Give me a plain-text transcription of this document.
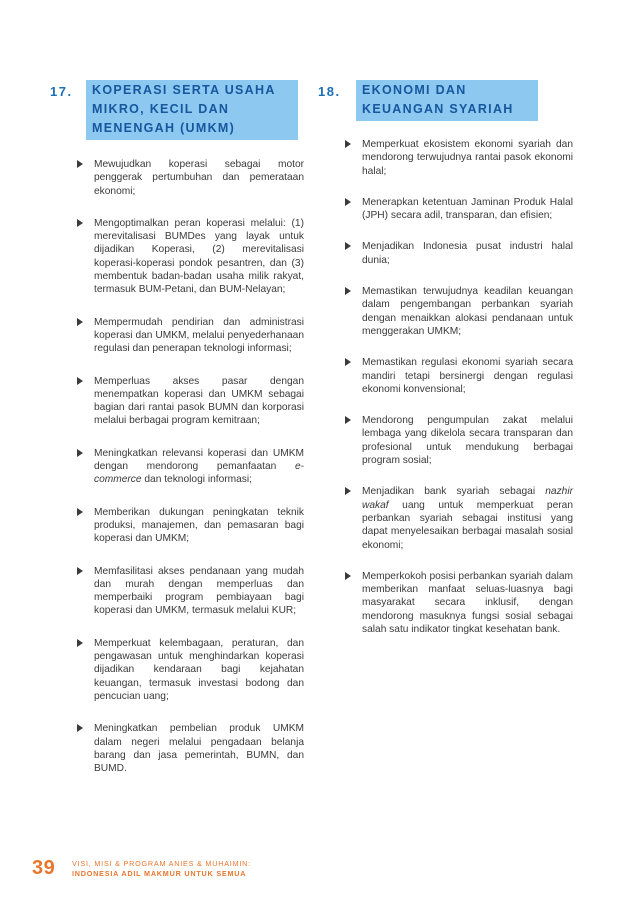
17.	KOPERASI SERTA USAHA MIKRO, KECIL DAN MENENGAH (UMKM)
Mewujudkan koperasi sebagai motor penggerak pertumbuhan dan pemerataan ekonomi;
Mengoptimalkan peran koperasi melalui: (1) merevitalisasi BUMDes yang layak untuk dijadikan Koperasi, (2) merevitalisasi koperasi-koperasi pondok pesantren, dan (3) membentuk badan-badan usaha milik rakyat, termasuk BUM-Petani, dan BUM-Nelayan;
Mempermudah pendirian dan administrasi koperasi dan UMKM, melalui penyederhanaan regulasi dan penerapan teknologi informasi;
Memperluas akses pasar dengan menempatkan koperasi dan UMKM sebagai bagian dari rantai pasok BUMN dan korporasi melalui berbagai program kemitraan;
Meningkatkan relevansi koperasi dan UMKM dengan mendorong pemanfaatan e-commerce dan teknologi informasi;
Memberikan dukungan peningkatan teknik produksi, manajemen, dan pemasaran bagi koperasi dan UMKM;
Memfasilitasi akses pendanaan yang mudah dan murah dengan memperluas dan memperbaiki program pembiayaan bagi koperasi dan UMKM, termasuk melalui KUR;
Memperkuat kelembagaan, peraturan, dan pengawasan untuk menghindarkan koperasi dijadikan kendaraan bagi kejahatan keuangan, termasuk investasi bodong dan pencucian uang;
Meningkatkan pembelian produk UMKM dalam negeri melalui pengadaan belanja barang dan jasa pemerintah, BUMN, dan BUMD.
18.	EKONOMI DAN KEUANGAN SYARIAH
Memperkuat ekosistem ekonomi syariah dan mendorong terwujudnya rantai pasok ekonomi halal;
Menerapkan ketentuan Jaminan Produk Halal (JPH) secara adil, transparan, dan efisien;
Menjadikan Indonesia pusat industri halal dunia;
Memastikan terwujudnya keadilan keuangan dalam pengembangan perbankan syariah dengan menaikkan alokasi pendanaan untuk menggerakan UMKM;
Memastikan regulasi ekonomi syariah secara mandiri tetapi bersinergi dengan regulasi ekonomi konvensional;
Mendorong pengumpulan zakat melalui lembaga yang dikelola secara transparan dan profesional untuk mendukung berbagai program sosial;
Menjadikan bank syariah sebagai nazhir wakaf uang untuk memperkuat peran perbankan syariah sebagai institusi yang dapat menyelesaikan berbagai masalah sosial ekonomi;
Memperkokoh posisi perbankan syariah dalam memberikan manfaat seluas-luasnya bagi masyarakat secara inklusif, dengan mendorong masuknya fungsi sosial sebagai salah satu indikator tingkat kesehatan bank.
39	VISI, MISI & PROGRAM ANIES & MUHAIMIN:
INDONESIA ADIL MAKMUR UNTUK SEMUA
